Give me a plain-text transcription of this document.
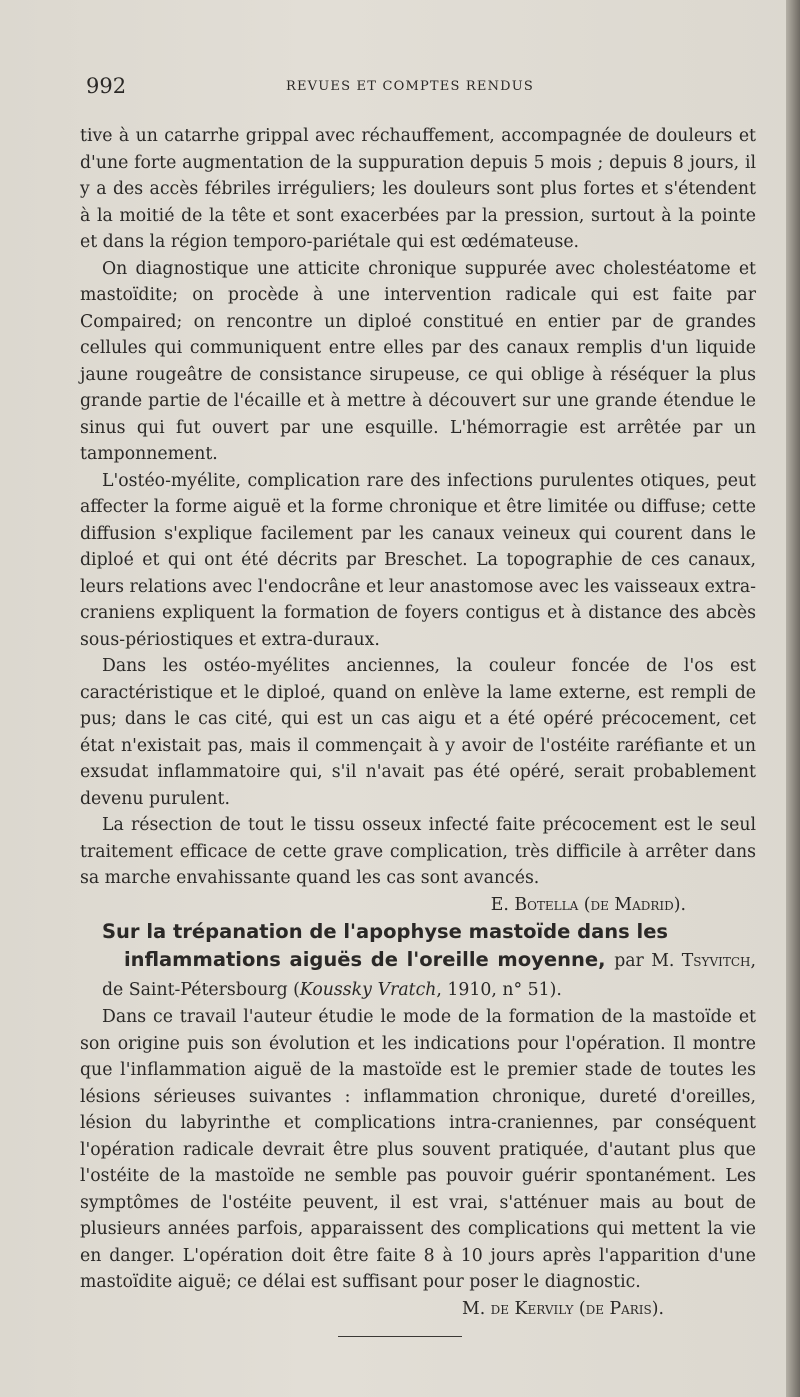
992	REVUES ET COMPTES RENDUS

tive à un catarrhe grippal avec réchauffement, accompagnée de douleurs et d'une forte augmentation de la suppuration depuis 5 mois ; depuis 8 jours, il y a des accès fébriles irréguliers; les douleurs sont plus fortes et s'étendent à la moitié de la tête et sont exacerbées par la pression, surtout à la pointe et dans la région temporo-pariétale qui est œdémateuse.

On diagnostique une atticite chronique suppurée avec cholestéatome et mastoïdite; on procède à une intervention radicale qui est faite par Compaired; on rencontre un diploé constitué en entier par de grandes cellules qui communiquent entre elles par des canaux remplis d'un liquide jaune rougeâtre de consistance sirupeuse, ce qui oblige à réséquer la plus grande partie de l'écaille et à mettre à découvert sur une grande étendue le sinus qui fut ouvert par une esquille. L'hémorragie est arrêtée par un tamponnement.

L'ostéo-myélite, complication rare des infections purulentes otiques, peut affecter la forme aiguë et la forme chronique et être limitée ou diffuse; cette diffusion s'explique facilement par les canaux veineux qui courent dans le diploé et qui ont été décrits par Breschet. La topographie de ces canaux, leurs relations avec l'endocrâne et leur anastomose avec les vaisseaux extra-craniens expliquent la formation de foyers contigus et à distance des abcès sous-périostiques et extra-duraux.

Dans les ostéo-myélites anciennes, la couleur foncée de l'os est caractéristique et le diploé, quand on enlève la lame externe, est rempli de pus; dans le cas cité, qui est un cas aigu et a été opéré précocement, cet état n'existait pas, mais il commençait à y avoir de l'ostéite raréfiante et un exsudat inflammatoire qui, s'il n'avait pas été opéré, serait probablement devenu purulent.

La résection de tout le tissu osseux infecté faite précocement est le seul traitement efficace de cette grave complication, très difficile à arrêter dans sa marche envahissante quand les cas sont avancés.

E. Botella (de Madrid).

Sur la trépanation de l'apophyse mastoïde dans les
inflammations aiguës de l'oreille moyenne, par M. Tsyvitch, de Saint-Pétersbourg (Kousskу Vratch, 1910, n° 51).

Dans ce travail l'auteur étudie le mode de la formation de la mastoïde et son origine puis son évolution et les indications pour l'opération. Il montre que l'inflammation aiguë de la mastoïde est le premier stade de toutes les lésions sérieuses suivantes : inflammation chronique, dureté d'oreilles, lésion du labyrinthe et complications intra-craniennes, par conséquent l'opération radicale devrait être plus souvent pratiquée, d'autant plus que l'ostéite de la mastoïde ne semble pas pouvoir guérir spontanément. Les symptômes de l'ostéite peuvent, il est vrai, s'atténuer mais au bout de plusieurs années parfois, apparaissent des complications qui mettent la vie en danger. L'opération doit être faite 8 à 10 jours après l'apparition d'une mastoïdite aiguë; ce délai est suffisant pour poser le diagnostic.

M. de Kervily (de Paris).
